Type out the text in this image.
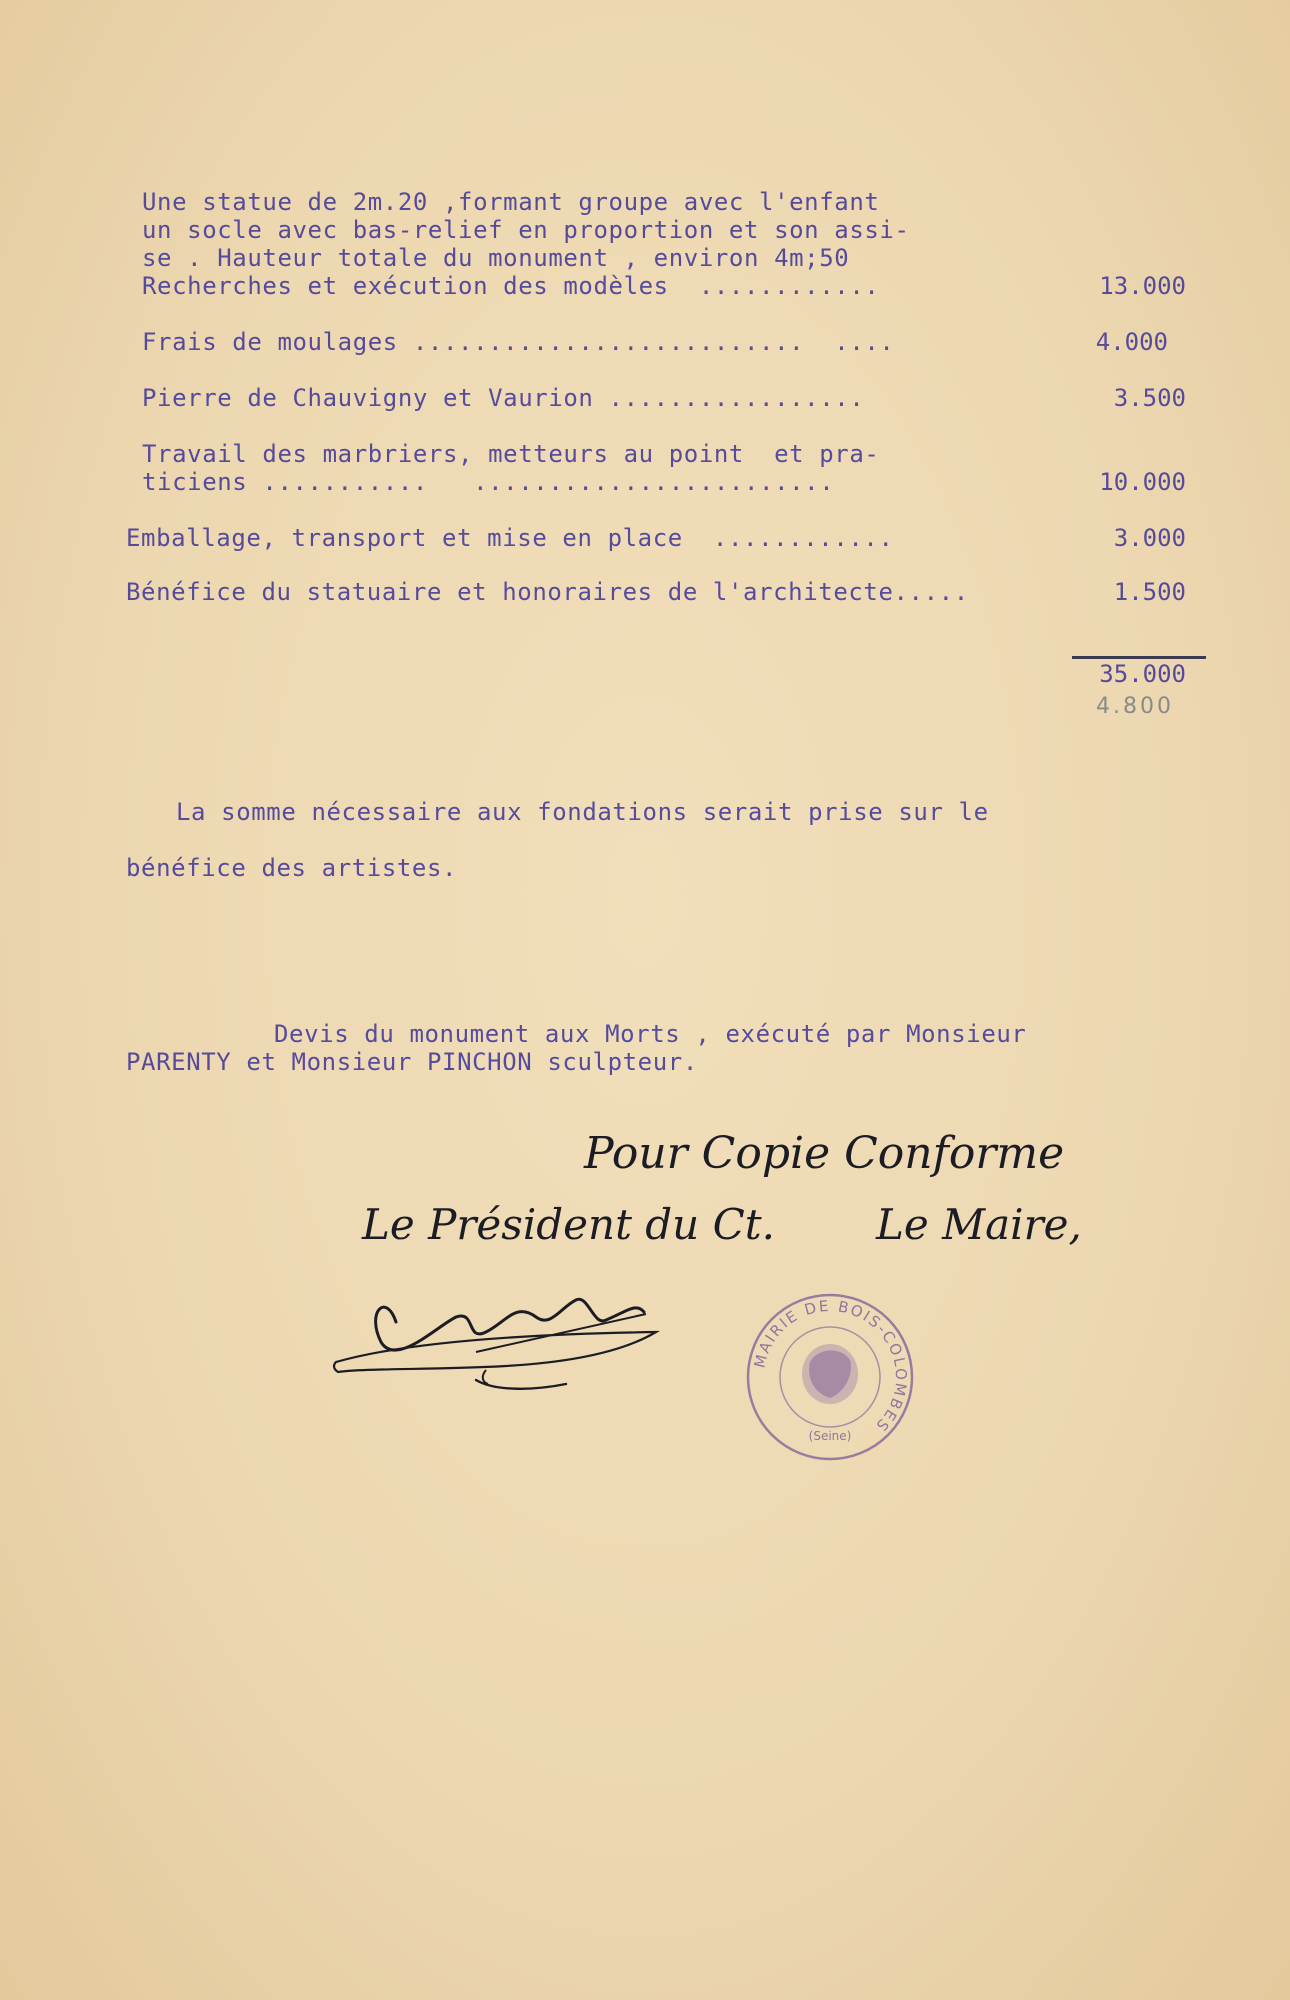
Une statue de 2m.20 ,formant groupe avec l'enfant
un socle avec bas-relief en proportion et son assi-
se . Hauteur totale du monument , environ 4m;50
Recherches et exécution des modèles  ............	13.000
Frais de moulages ..........................  ....	4.000
Pierre de Chauvigny et Vaurion .................	3.500
Travail des marbriers, metteurs au point  et pra-
ticiens ...........   ........................	10.000
Emballage, transport et mise en place  ............	3.000
Bénéfice du statuaire et honoraires de l'architecte.....	1.500
35.000
4.800
La somme nécessaire aux fondations serait prise sur le
bénéfice des artistes.
Devis du monument aux Morts , exécuté par Monsieur
PARENTY et Monsieur PINCHON sculpteur.
Pour Copie Conforme
Le Président du Ct. Le Maire,
MAIRIE DE BOIS-COLOMBES
(Seine)
